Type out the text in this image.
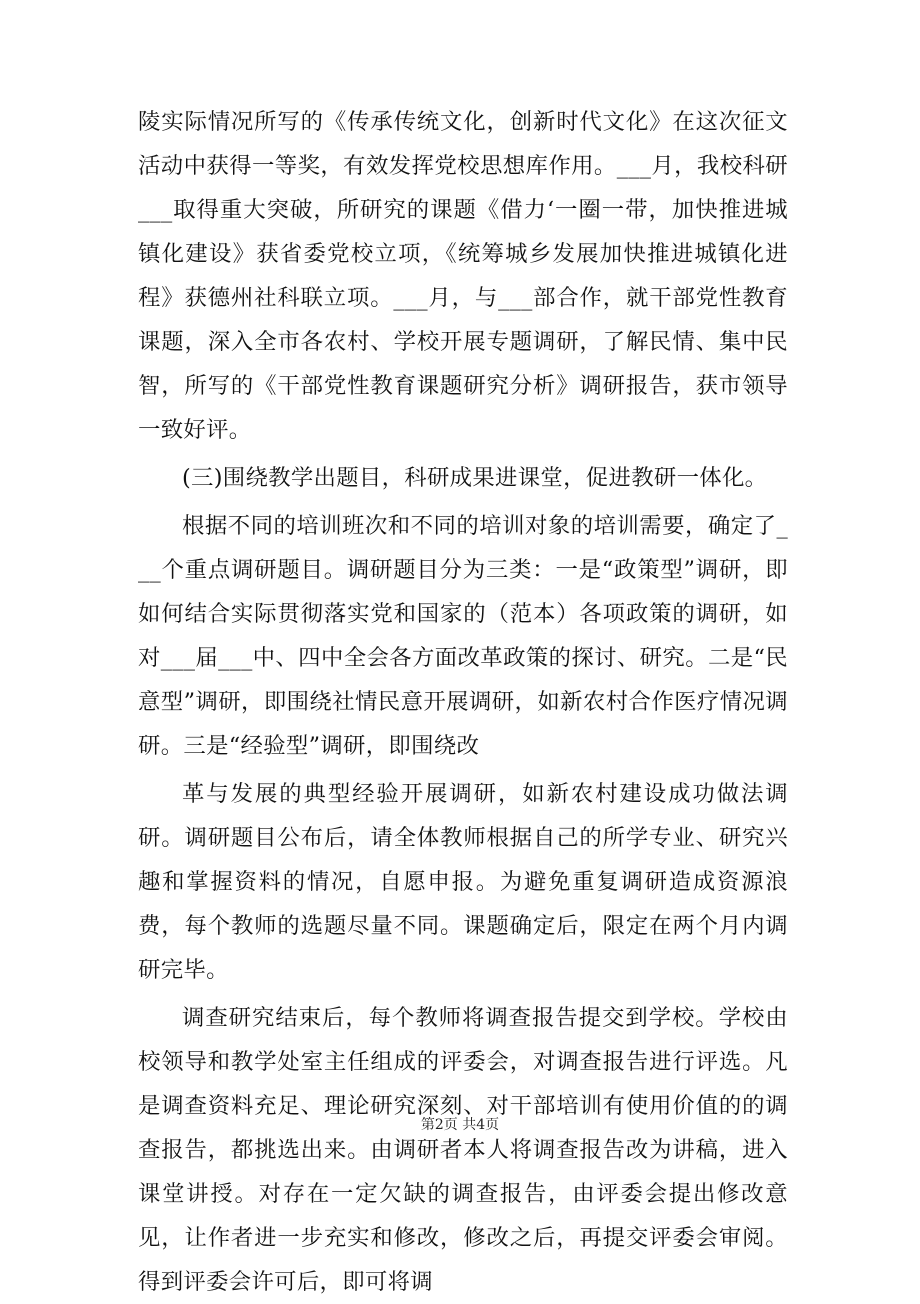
陵实际情况所写的《传承传统文化，创新时代文化》在这次征文活动中获得一等奖，有效发挥党校思想库作用。___月，我校科研___取得重大突破，所研究的课题《借力‘一圈一带，加快推进城镇化建设》获省委党校立项，《统筹城乡发展加快推进城镇化进程》获德州社科联立项。___月，与___部合作，就干部党性教育课题，深入全市各农村、学校开展专题调研，了解民情、集中民智，所写的《干部党性教育课题研究分析》调研报告，获市领导一致好评。

(三)围绕教学出题目，科研成果进课堂，促进教研一体化。

根据不同的培训班次和不同的培训对象的培训需要，确定了___个重点调研题目。调研题目分为三类：一是“政策型”调研，即如何结合实际贯彻落实党和国家的（范本）各项政策的调研，如对___届___中、四中全会各方面改革政策的探讨、研究。二是“民意型”调研，即围绕社情民意开展调研，如新农村合作医疗情况调研。三是“经验型”调研，即围绕改

革与发展的典型经验开展调研，如新农村建设成功做法调研。调研题目公布后，请全体教师根据自己的所学专业、研究兴趣和掌握资料的情况，自愿申报。为避免重复调研造成资源浪费，每个教师的选题尽量不同。课题确定后，限定在两个月内调研完毕。

调查研究结束后，每个教师将调查报告提交到学校。学校由校领导和教学处室主任组成的评委会，对调查报告进行评选。凡是调查资料充足、理论研究深刻、对干部培训有使用价值的的调查报告，都挑选出来。由调研者本人将调查报告改为讲稿，进入课堂讲授。对存在一定欠缺的调查报告，由评委会提出修改意见，让作者进一步充实和修改，修改之后，再提交评委会审阅。得到评委会许可后，即可将调

第2页 共4页
